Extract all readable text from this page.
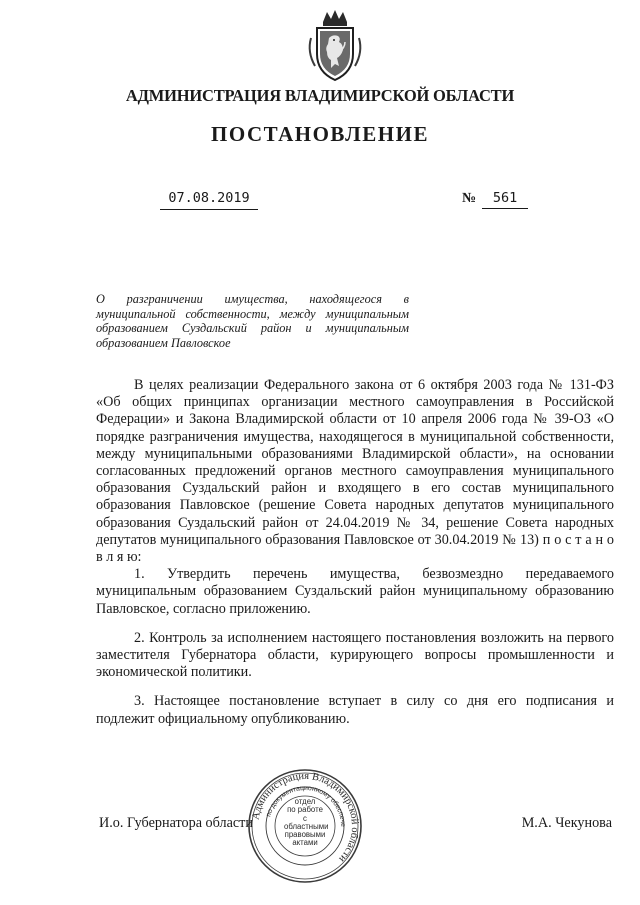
АДМИНИСТРАЦИЯ ВЛАДИМИРСКОЙ ОБЛАСТИ
ПОСТАНОВЛЕНИЕ
07.08.2019	№ 561
О разграничении имущества, находящегося в муниципальной собственности, между муниципальным образованием Суздальский район и муниципальным образованием Павловское

В целях реализации Федерального закона от 6 октября 2003 года № 131-ФЗ «Об общих принципах организации местного самоуправления в Российской Федерации» и Закона Владимирской области от 10 апреля 2006 года № 39-ОЗ «О порядке разграничения имущества, находящегося в муниципальной собственности, между муниципальными образованиями Владимирской области», на основании согласованных предложений органов местного самоуправления муниципального образования Суздальский район и входящего в его состав муниципального образования Павловское (решение Совета народных депутатов муниципального образования Суздальский район от 24.04.2019 № 34, решение Совета народных депутатов муниципального образования Павловское от 30.04.2019 № 13) п о с т а н о в л я ю:

1. Утвердить перечень имущества, безвозмездно передаваемого муниципальным образованием Суздальский район муниципальному образованию Павловское, согласно приложению.

2. Контроль за исполнением настоящего постановления возложить на первого заместителя Губернатора области, курирующего вопросы промышленности и экономической политики.

3. Настоящее постановление вступает в силу со дня его подписания и подлежит официальному опубликованию.

Администрация Владимирской области
по документационному обеспече
отдел
по работе
с областными
правовыми
актами
И.о. Губернатора области	М.А. Чекунова
